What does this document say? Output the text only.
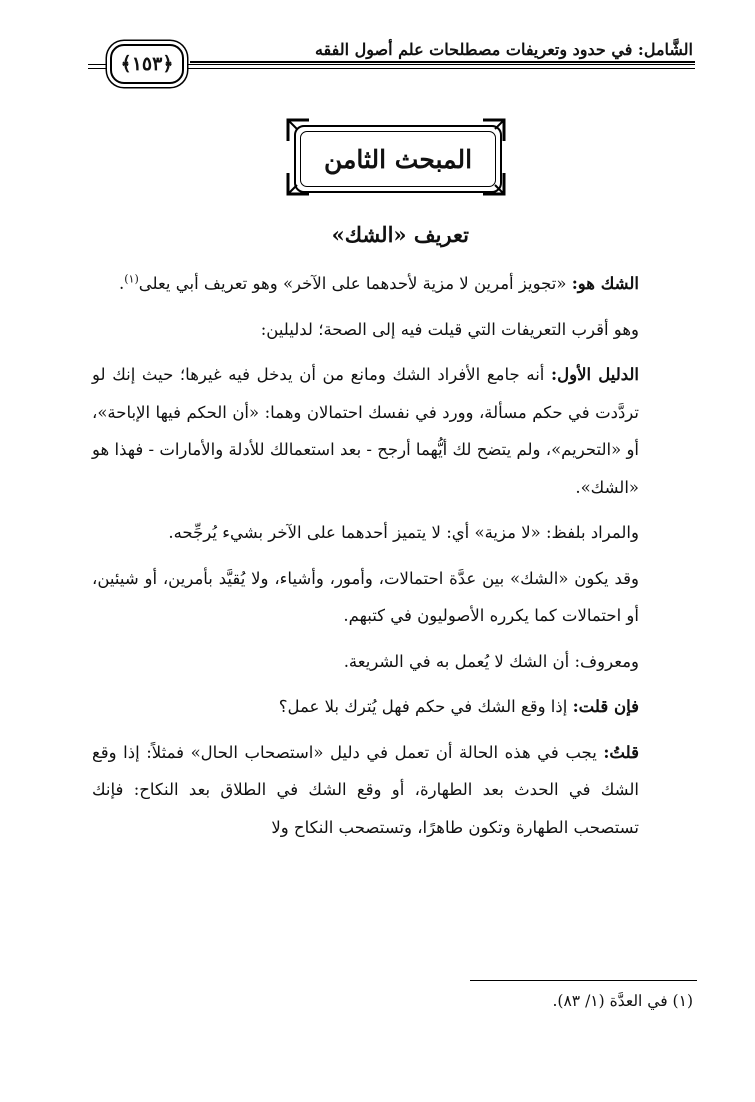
الشَّامل: في حدود وتعريفات مصطلحات علم أصول الفقه
﴿١٥٣﴾
المبحث الثامن
تعريف «الشك»

الشك هو: «تجويز أمرين لا مزية لأحدهما على الآخر» وهو تعريف أبي يعلى$^{(١)}$.

وهو أقرب التعريفات التي قيلت فيه إلى الصحة؛ لدليلين:

الدليل الأول: أنه جامع الأفراد الشك ومانع من أن يدخل فيه غيرها؛ حيث إنك لو تردَّدت في حكم مسألة، وورد في نفسك احتمالان وهما: «أن الحكم فيها الإباحة»، أو «التحريم»، ولم يتضح لك أيُّهما أرجح - بعد استعمالك للأدلة والأمارات - فهذا هو «الشك».

والمراد بلفظ: «لا مزية» أي: لا يتميز أحدهما على الآخر بشيء يُرجِّحه.

وقد يكون «الشك» بين عدَّة احتمالات، وأمور، وأشياء، ولا يُقيَّد بأمرين، أو شيئين، أو احتمالات كما يكرره الأصوليون في كتبهم.

ومعروف: أن الشك لا يُعمل به في الشريعة.

فإن قلت: إذا وقع الشك في حكم فهل يُترك بلا عمل؟

قلتُ: يجب في هذه الحالة أن تعمل في دليل «استصحاب الحال» فمثلاً: إذا وقع الشك في الحدث بعد الطهارة، أو وقع الشك في الطلاق بعد النكاح: فإنك تستصحب الطهارة وتكون طاهرًا، وتستصحب النكاح ولا

(١) في العدَّة (١/ ٨٣).
